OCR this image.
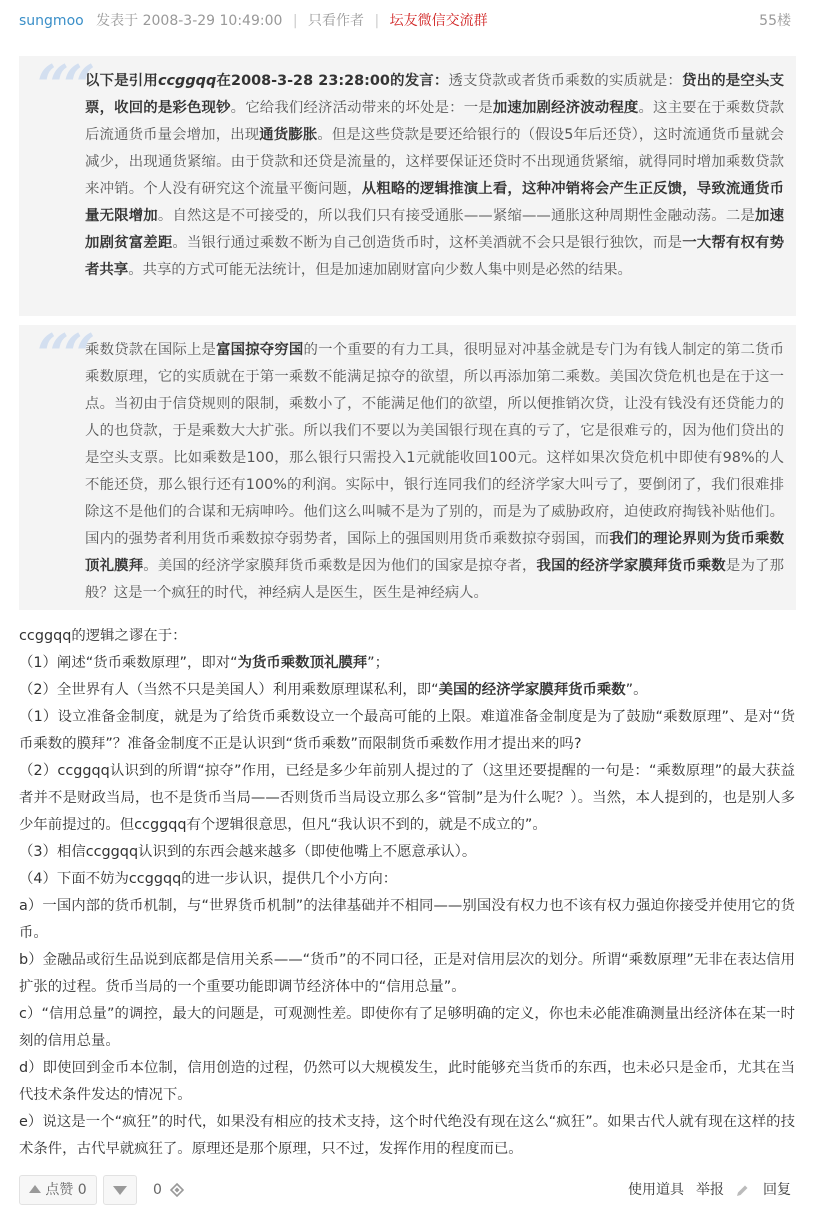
sungmoo 发表于 2008-3-29 10:49:00 | 只看作者 | 坛友微信交流群	55楼
““

以下是引用ccggqq在2008-3-28 23:28:00的发言：透支贷款或者货币乘数的实质就是：贷出的是空头支票，收回的是彩色现钞。它给我们经济活动带来的坏处是：一是加速加剧经济波动程度。这主要在于乘数贷款后流通货币量会增加，出现通货膨胀。但是这些贷款是要还给银行的（假设5年后还贷），这时流通货币量就会减少，出现通货紧缩。由于贷款和还贷是流量的，这样要保证还贷时不出现通货紧缩，就得同时增加乘数贷款来冲销。个人没有研究这个流量平衡问题，从粗略的逻辑推演上看，这种冲销将会产生正反馈，导致流通货币量无限增加。自然这是不可接受的，所以我们只有接受通胀——紧缩——通胀这种周期性金融动荡。二是加速加剧贫富差距。当银行通过乘数不断为自己创造货币时，这杯美酒就不会只是银行独饮，而是一大帮有权有势者共享。共享的方式可能无法统计，但是加速加剧财富向少数人集中则是必然的结果。

““

乘数贷款在国际上是富国掠夺穷国的一个重要的有力工具，很明显对冲基金就是专门为有钱人制定的第二货币乘数原理，它的实质就在于第一乘数不能满足掠夺的欲望，所以再添加第二乘数。美国次贷危机也是在于这一点。当初由于信贷规则的限制，乘数小了，不能满足他们的欲望，所以便推销次贷，让没有钱没有还贷能力的人的也贷款，于是乘数大大扩张。所以我们不要以为美国银行现在真的亏了，它是很难亏的，因为他们贷出的是空头支票。比如乘数是100，那么银行只需投入1元就能收回100元。这样如果次贷危机中即使有98%的人不能还贷，那么银行还有100%的利润。实际中，银行连同我们的经济学家大叫亏了，要倒闭了，我们很难排除这不是他们的合谋和无病呻吟。他们这么叫喊不是为了别的，而是为了威胁政府，迫使政府掏钱补贴他们。国内的强势者利用货币乘数掠夺弱势者，国际上的强国则用货币乘数掠夺弱国，而我们的理论界则为货币乘数顶礼膜拜。美国的经济学家膜拜货币乘数是因为他们的国家是掠夺者，我国的经济学家膜拜货币乘数是为了那般？这是一个疯狂的时代，神经病人是医生，医生是神经病人。

ccggqq的逻辑之谬在于：

（1）阐述“货币乘数原理”，即对“为货币乘数顶礼膜拜”；

（2）全世界有人（当然不只是美国人）利用乘数原理谋私利，即“美国的经济学家膜拜货币乘数”。

（1）设立准备金制度，就是为了给货币乘数设立一个最高可能的上限。难道准备金制度是为了鼓励“乘数原理”、是对“货币乘数的膜拜”？准备金制度不正是认识到“货币乘数”而限制货币乘数作用才提出来的吗?

（2）ccggqq认识到的所谓“掠夺”作用，已经是多少年前别人提过的了（这里还要提醒的一句是：“乘数原理”的最大获益者并不是财政当局，也不是货币当局——否则货币当局设立那么多“管制”是为什么呢？）。当然，本人提到的，也是别人多少年前提过的。但ccggqq有个逻辑很意思，但凡“我认识不到的，就是不成立的”。

（3）相信ccggqq认识到的东西会越来越多（即使他嘴上不愿意承认）。

（4）下面不妨为ccggqq的进一步认识，提供几个小方向：

a）一国内部的货币机制，与“世界货币机制”的法律基础并不相同——别国没有权力也不该有权力强迫你接受并使用它的货币。

b）金融品或衍生品说到底都是信用关系——“货币”的不同口径，正是对信用层次的划分。所谓“乘数原理”无非在表达信用扩张的过程。货币当局的一个重要功能即调节经济体中的“信用总量”。

c）“信用总量”的调控，最大的问题是，可观测性差。即使你有了足够明确的定义，你也未必能准确测量出经济体在某一时刻的信用总量。

d）即使回到金币本位制，信用创造的过程，仍然可以大规模发生，此时能够充当货币的东西，也未必只是金币，尤其在当代技术条件发达的情况下。

e）说这是一个“疯狂”的时代，如果没有相应的技术支持，这个时代绝没有现在这么“疯狂”。如果古代人就有现在这样的技术条件，古代早就疯狂了。原理还是那个原理，只不过，发挥作用的程度而已。

点赞 0	0	使用道具 举报	回复
